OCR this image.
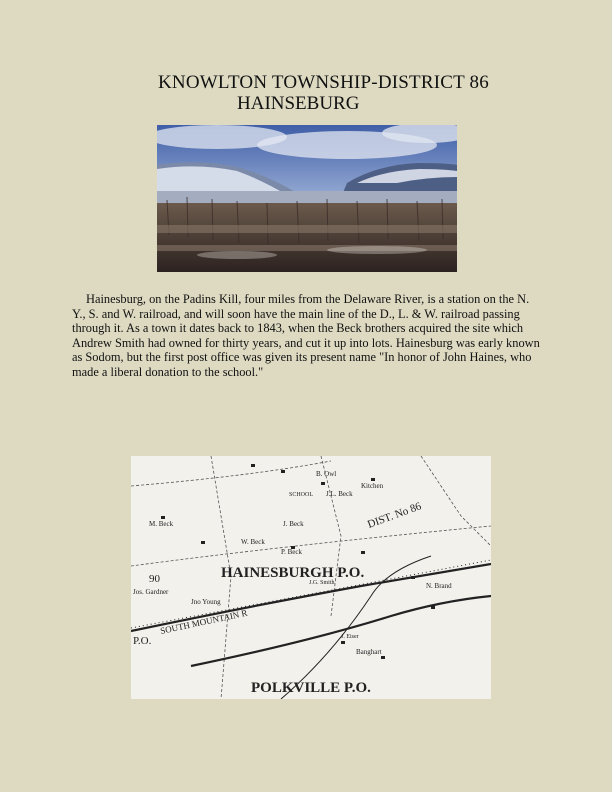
KNOWLTON TOWNSHIP-DISTRICT 86
HAINSEBURG
Hainesburg, on the Padins Kill, four miles from the Delaware River, is a station on the N. Y., S. and W. railroad, and will soon have the main line of the D., L. & W. railroad passing through it. As a town it dates back to 1843, when the Beck brothers acquired the site which Andrew Smith had owned for thirty years, and cut it up into lots. Hainesburg was early known as Sodom, but the first post office was given its present name "In honor of John Haines, who made a liberal donation to the school."
HAINESBURGH P.O.
POLKVILLE P.O.
DIST. No 86
SOUTH MOUNTAIN R
SCHOOL
M. Beck	J. Beck
J.L. Beck
P. Beck
W. Beck
J.G. Smith
Jos. Gardner
Jno Young
90
P.O.
Kitchen
N. Brand
Banghart
J. Eiser
B. Owl
